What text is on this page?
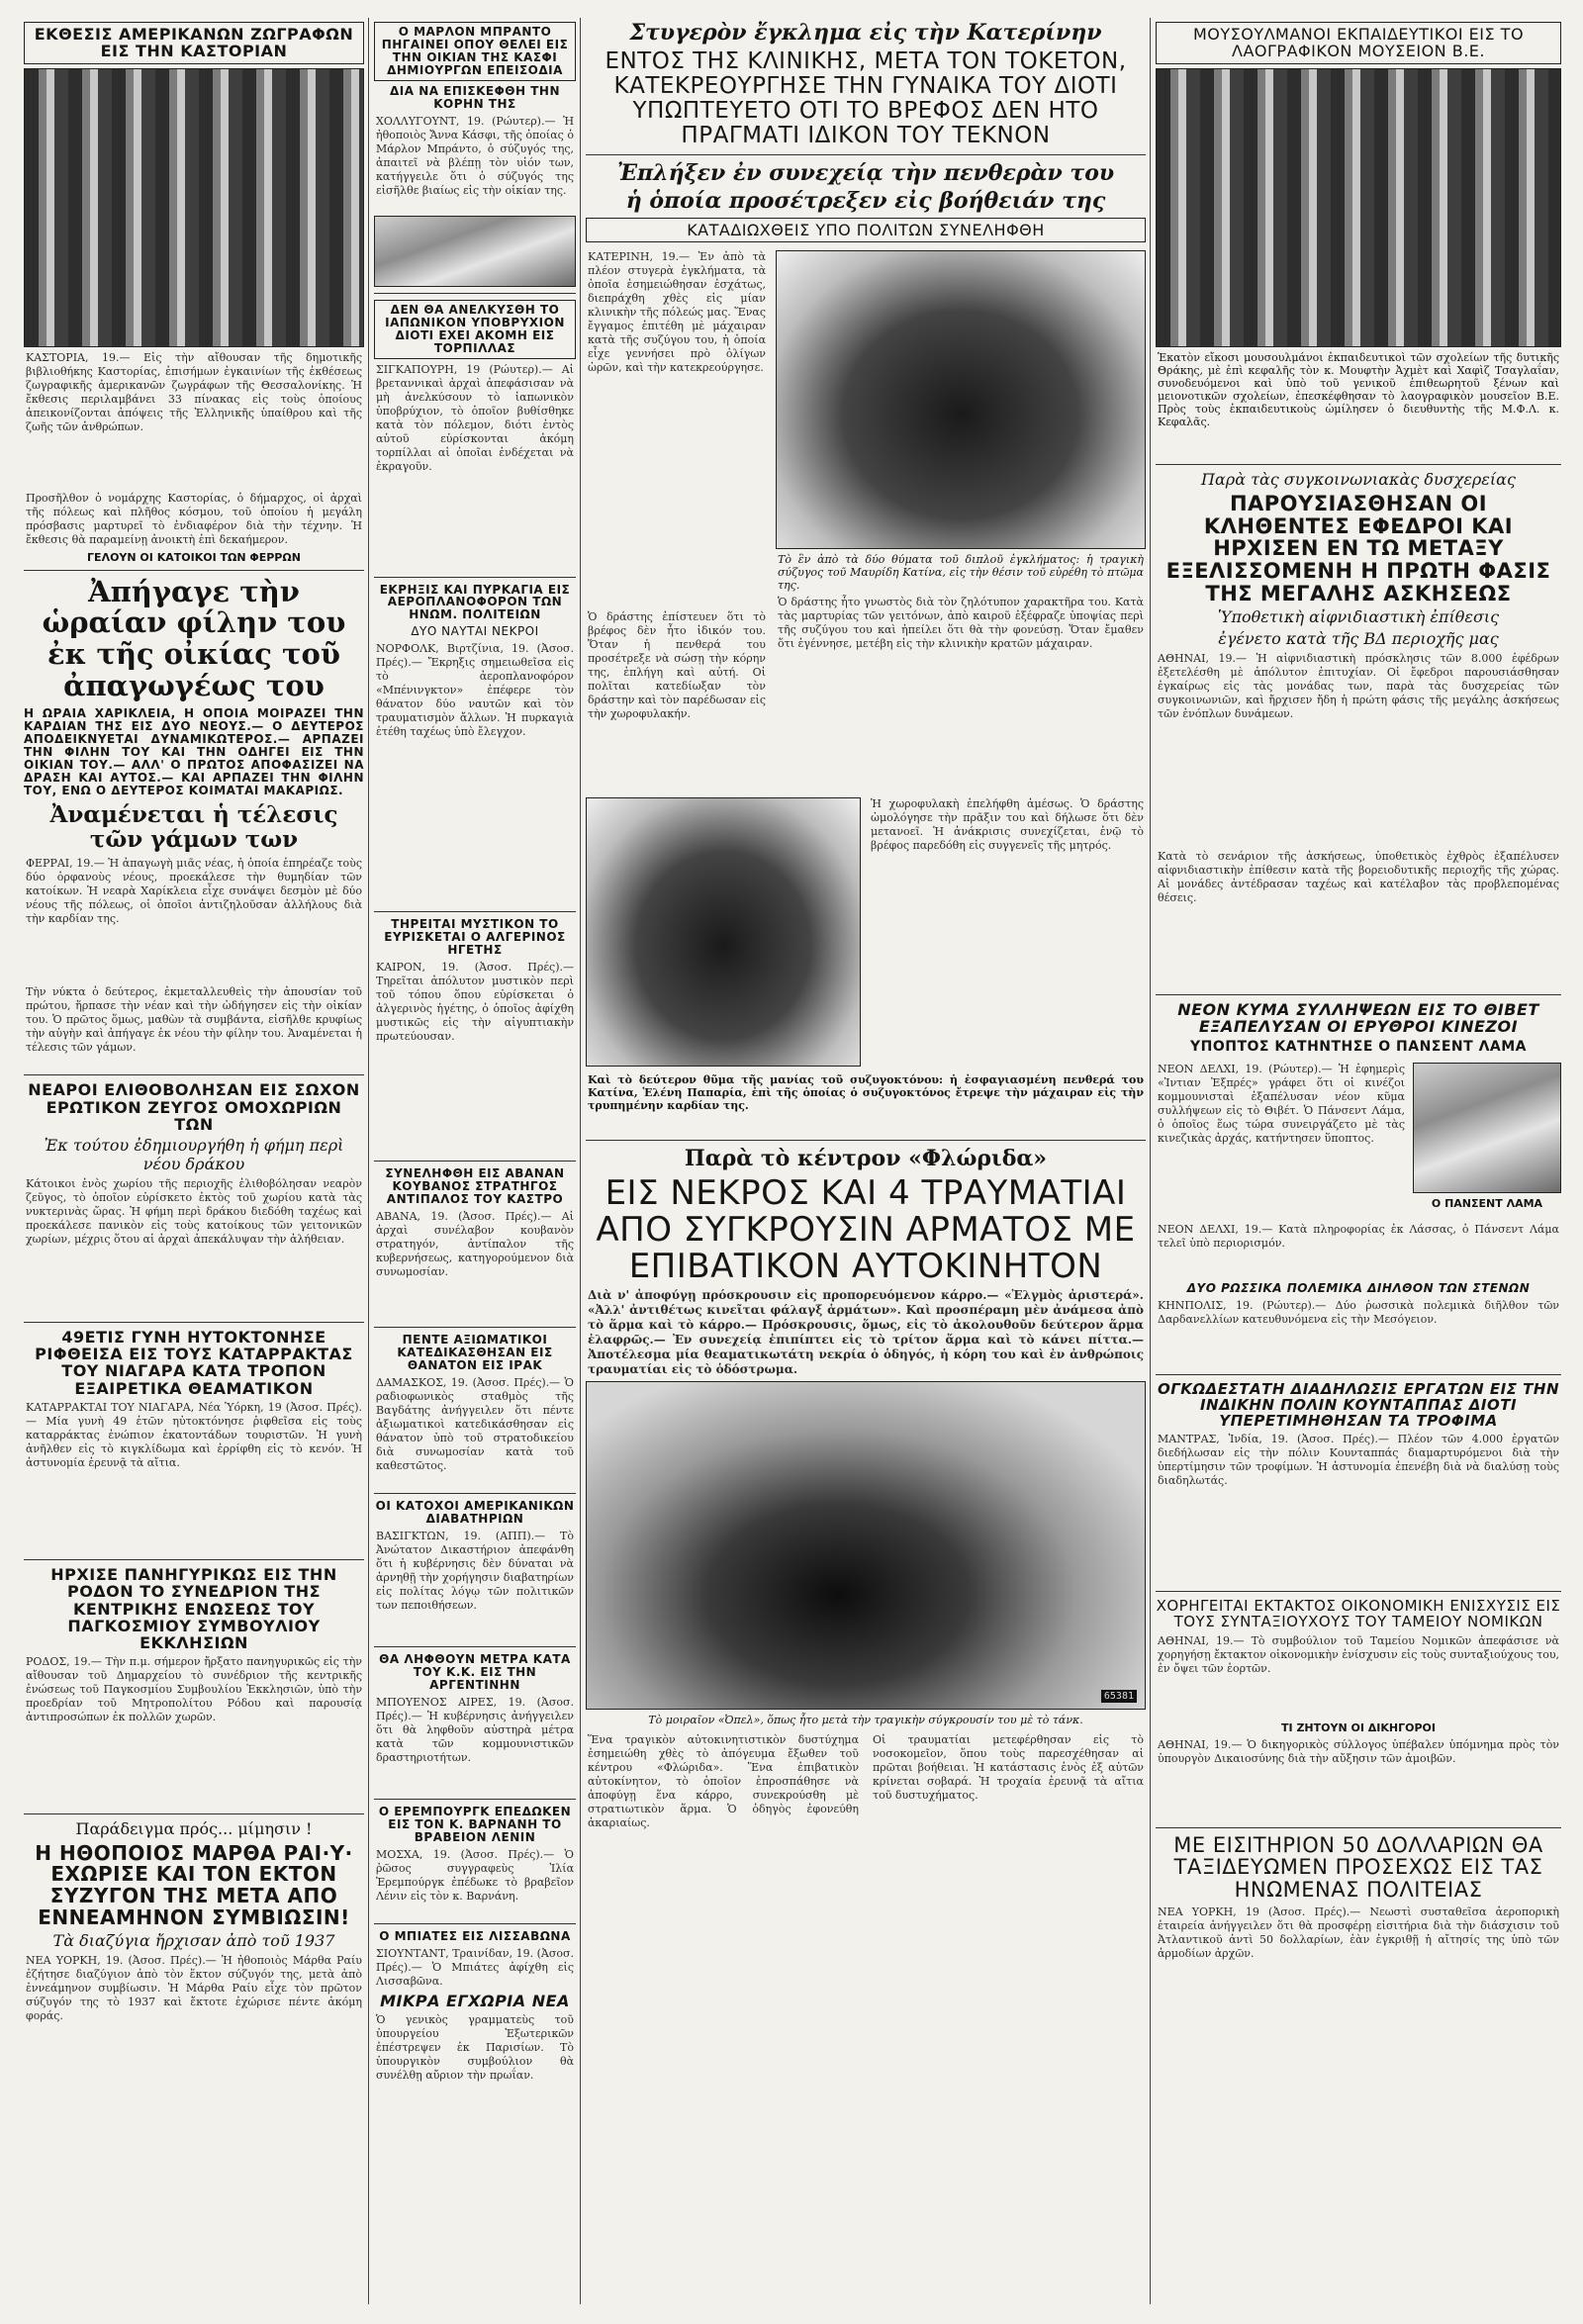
ΕΚΘΕΣΙΣ ΑΜΕΡΙΚΑΝΩΝ ΖΩΓΡΑΦΩΝ ΕΙΣ ΤΗΝ ΚΑΣΤΟΡΙΑΝ
ΚΑΣΤΟΡΙΑ, 19.— Εἰς τὴν αἴθουσαν τῆς δημοτικῆς βιβλιοθήκης Καστορίας, ἐπισήμων ἐγκαινίων τῆς ἐκθέσεως ζωγραφικῆς ἀμερικανῶν ζωγράφων τῆς Θεσσαλονίκης. Ἡ ἔκθεσις περιλαμβάνει 33 πίνακας εἰς τοὺς ὁποίους ἀπεικονίζονται ἀπόψεις τῆς Ἑλληνικῆς ὑπαίθρου καὶ τῆς ζωῆς τῶν ἀνθρώπων.
Προσῆλθον ὁ νομάρχης Καστορίας, ὁ δήμαρχος, οἱ ἀρχαὶ τῆς πόλεως καὶ πλῆθος κόσμου, τοῦ ὁποίου ἡ μεγάλη πρόσβασις μαρτυρεῖ τὸ ἐνδιαφέρον διὰ τὴν τέχνην. Ἡ ἔκθεσις θὰ παραμείνῃ ἀνοικτὴ ἐπὶ δεκαήμερον.
ΓΕΛΟΥΝ ΟΙ ΚΑΤΟΙΚΟΙ ΤΩΝ ΦΕΡΡΩΝ
Ἀπήγαγε τὴν ὡραίαν φίλην του ἐκ τῆς οἰκίας τοῦ ἀπαγωγέως του
Η ΩΡΑΙΑ ΧΑΡΙΚΛΕΙΑ, Η ΟΠΟΙΑ ΜΟΙΡΑΖΕΙ ΤΗΝ ΚΑΡΔΙΑΝ ΤΗΣ ΕΙΣ ΔΥΟ ΝΕΟΥΣ.— Ο ΔΕΥΤΕΡΟΣ ΑΠΟΔΕΙΚΝΥΕΤΑΙ ΔΥΝΑΜΙΚΩΤΕΡΟΣ.— ΑΡΠΑΖΕΙ ΤΗΝ ΦΙΛΗΝ ΤΟΥ ΚΑΙ ΤΗΝ ΟΔΗΓΕΙ ΕΙΣ ΤΗΝ ΟΙΚΙΑΝ ΤΟΥ.— ΑΛΛ' Ο ΠΡΩΤΟΣ ΑΠΟΦΑΣΙΖΕΙ ΝΑ ΔΡΑΣΗ ΚΑΙ ΑΥΤΟΣ.— ΚΑΙ ΑΡΠΑΖΕΙ ΤΗΝ ΦΙΛΗΝ ΤΟΥ, ΕΝΩ Ο ΔΕΥΤΕΡΟΣ ΚΟΙΜΑΤΑΙ ΜΑΚΑΡΙΩΣ.
Ἀναμένεται ἡ τέλεσις τῶν γάμων των
ΦΕΡΡΑΙ, 19.— Ἡ ἀπαγωγὴ μιᾶς νέας, ἡ ὁποία ἐπηρέαζε τοὺς δύο ὀρφανοὺς νέους, προεκάλεσε τὴν θυμηδίαν τῶν κατοίκων. Ἡ νεαρὰ Χαρίκλεια εἶχε συνάψει δεσμὸν μὲ δύο νέους τῆς πόλεως, οἱ ὁποῖοι ἀντιζηλοῦσαν ἀλλήλους διὰ τὴν καρδίαν της.
Τὴν νύκτα ὁ δεύτερος, ἐκμεταλλευθεὶς τὴν ἀπουσίαν τοῦ πρώτου, ἥρπασε τὴν νέαν καὶ τὴν ὡδήγησεν εἰς τὴν οἰκίαν του. Ὁ πρῶτος ὅμως, μαθὼν τὰ συμβάντα, εἰσῆλθε κρυφίως τὴν αὐγὴν καὶ ἀπήγαγε ἐκ νέου τὴν φίλην του. Ἀναμένεται ἡ τέλεσις τῶν γάμων.
ΝΕΑΡΟΙ ΕΛΙΘΟΒΟΛΗΣΑΝ ΕΙΣ ΣΩΧΟΝ ΕΡΩΤΙΚΟΝ ΖΕΥΓΟΣ ΟΜΟΧΩΡΙΩΝ ΤΩΝ
Ἐκ τούτου ἐδημιουργήθη ἡ φήμη περὶ νέου δράκου
Κάτοικοι ἑνὸς χωρίου τῆς περιοχῆς ἐλιθοβόλησαν νεαρὸν ζεῦγος, τὸ ὁποῖον εὑρίσκετο ἐκτὸς τοῦ χωρίου κατὰ τὰς νυκτερινὰς ὥρας. Ἡ φήμη περὶ δράκου διεδόθη ταχέως καὶ προεκάλεσε πανικὸν εἰς τοὺς κατοίκους τῶν γειτονικῶν χωρίων, μέχρις ὅτου αἱ ἀρχαὶ ἀπεκάλυψαν τὴν ἀλήθειαν.
49ΕΤΙΣ ΓΥΝΗ ΗΥΤΟΚΤΟΝΗΣΕ ΡΙΦΘΕΙΣΑ ΕΙΣ ΤΟΥΣ ΚΑΤΑΡΡΑΚΤΑΣ ΤΟΥ ΝΙΑΓΑΡΑ ΚΑΤΑ ΤΡΟΠΟΝ ΕΞΑΙΡΕΤΙΚΑ ΘΕΑΜΑΤΙΚΟΝ
ΚΑΤΑΡΡΑΚΤΑΙ ΤΟΥ ΝΙΑΓΑΡΑ, Νέα Ὑόρκη, 19 (Ἀσοσ. Πρές).— Μία γυνὴ 49 ἐτῶν ηὐτοκτόνησε ῥιφθεῖσα εἰς τοὺς καταρράκτας ἐνώπιον ἑκατοντάδων τουριστῶν. Ἡ γυνὴ ἀνῆλθεν εἰς τὸ κιγκλίδωμα καὶ ἐρρίφθη εἰς τὸ κενόν. Ἡ ἀστυνομία ἐρευνᾷ τὰ αἴτια.
ΗΡΧΙΣΕ ΠΑΝΗΓΥΡΙΚΩΣ ΕΙΣ ΤΗΝ ΡΟΔΟΝ ΤΟ ΣΥΝΕΔΡΙΟΝ ΤΗΣ ΚΕΝΤΡΙΚΗΣ ΕΝΩΣΕΩΣ ΤΟΥ ΠΑΓΚΟΣΜΙΟΥ ΣΥΜΒΟΥΛΙΟΥ ΕΚΚΛΗΣΙΩΝ
ΡΟΔΟΣ, 19.— Τὴν π.μ. σήμερον ἤρξατο πανηγυρικῶς εἰς τὴν αἴθουσαν τοῦ Δημαρχείου τὸ συνέδριον τῆς κεντρικῆς ἐνώσεως τοῦ Παγκοσμίου Συμβουλίου Ἐκκλησιῶν, ὑπὸ τὴν προεδρίαν τοῦ Μητροπολίτου Ρόδου καὶ παρουσίᾳ ἀντιπροσώπων ἐκ πολλῶν χωρῶν.
Παράδειγμα πρός... μίμησιν !
Η ΗΘΟΠΟΙΟΣ ΜΑΡΘΑ ΡΑΙ·Υ· ΕΧΩΡΙΣΕ ΚΑΙ ΤΟΝ ΕΚΤΟΝ ΣΥΖΥΓΟΝ ΤΗΣ ΜΕΤΑ ΑΠΟ ΕΝΝΕΑΜΗΝΟΝ ΣΥΜΒΙΩΣΙΝ!
Τὰ διαζύγια ἤρχισαν ἀπὸ τοῦ 1937
ΝΕΑ ΥΟΡΚΗ, 19. (Ἀσοσ. Πρές).— Ἡ ἠθοποιὸς Μάρθα Ραίυ ἐζήτησε διαζύγιον ἀπὸ τὸν ἕκτον σύζυγόν της, μετὰ ἀπὸ ἐννεάμηνον συμβίωσιν. Ἡ Μάρθα Ραίυ εἶχε τὸν πρῶτον σύζυγόν της τὸ 1937 καὶ ἔκτοτε ἐχώρισε πέντε ἀκόμη φοράς.
Ο ΜΑΡΛΟΝ ΜΠΡΑΝΤΟ ΠΗΓΑΙΝΕΙ ΟΠΟΥ ΘΕΛΕΙ ΕΙΣ ΤΗΝ ΟΙΚΙΑΝ ΤΗΣ ΚΑΣΦΙ ΔΗΜΙΟΥΡΓΩΝ ΕΠΕΙΣΟΔΙΑ
ΔΙΑ ΝΑ ΕΠΙΣΚΕΦΘΗ ΤΗΝ ΚΟΡΗΝ ΤΗΣ
ΧΟΛΛΥΓΟΥΝΤ, 19. (Ρώυτερ).— Ἡ ἠθοποιὸς Ἄννα Κάσφι, τῆς ὁποίας ὁ Μάρλον Μπράντο, ὁ σύζυγός της, ἀπαιτεῖ νὰ βλέπῃ τὸν υἱόν των, κατήγγειλε ὅτι ὁ σύζυγός της εἰσῆλθε βιαίως εἰς τὴν οἰκίαν της.
ΔΕΝ ΘΑ ΑΝΕΛΚΥΣΘΗ ΤΟ ΙΑΠΩΝΙΚΟΝ ΥΠΟΒΡΥΧΙΟΝ ΔΙΟΤΙ ΕΧΕΙ ΑΚΟΜΗ ΕΙΣ ΤΟΡΠΙΛΛΑΣ
ΣΙΓΚΑΠΟΥΡΗ, 19 (Ρώυτερ).— Αἱ βρεταννικαὶ ἀρχαὶ ἀπεφάσισαν νὰ μὴ ἀνελκύσουν τὸ ἰαπωνικὸν ὑποβρύχιον, τὸ ὁποῖον βυθίσθηκε κατὰ τὸν πόλεμον, διότι ἐντὸς αὐτοῦ εὑρίσκονται ἀκόμη τορπίλλαι αἱ ὁποῖαι ἐνδέχεται νὰ ἐκραγοῦν.
ΕΚΡΗΞΙΣ ΚΑΙ ΠΥΡΚΑΓΙΑ ΕΙΣ ΑΕΡΟΠΛΑΝΟΦΟΡΟΝ ΤΩΝ ΗΝΩΜ. ΠΟΛΙΤΕΙΩΝ
ΔΥΟ ΝΑΥΤΑΙ ΝΕΚΡΟΙ
ΝΟΡΦΟΛΚ, Βιρτζίνια, 19. (Ἀσοσ. Πρές).— Ἔκρηξις σημειωθεῖσα εἰς τὸ ἀεροπλανοφόρον «Μπένινγκτον» ἐπέφερε τὸν θάνατον δύο ναυτῶν καὶ τὸν τραυματισμὸν ἄλλων. Ἡ πυρκαγιὰ ἐτέθη ταχέως ὑπὸ ἔλεγχον.
ΤΗΡΕΙΤΑΙ ΜΥΣΤΙΚΟΝ ΤΟ ΕΥΡΙΣΚΕΤΑΙ Ο ΑΛΓΕΡΙΝΟΣ ΗΓΕΤΗΣ
ΚΑΙΡΟΝ, 19. (Ἀσοσ. Πρές).— Τηρεῖται ἀπόλυτον μυστικὸν περὶ τοῦ τόπου ὅπου εὑρίσκεται ὁ ἀλγερινὸς ἡγέτης, ὁ ὁποῖος ἀφίχθη μυστικῶς εἰς τὴν αἰγυπτιακὴν πρωτεύουσαν.
ΣΥΝΕΛΗΦΘΗ ΕΙΣ ΑΒΑΝΑΝ ΚΟΥΒΑΝΟΣ ΣΤΡΑΤΗΓΟΣ ΑΝΤΙΠΑΛΟΣ ΤΟΥ ΚΑΣΤΡΟ
ΑΒΑΝΑ, 19. (Ἀσοσ. Πρές).— Αἱ ἀρχαὶ συνέλαβον κουβανὸν στρατηγόν, ἀντίπαλον τῆς κυβερνήσεως, κατηγορούμενον διὰ συνωμοσίαν.
ΠΕΝΤΕ ΑΞΙΩΜΑΤΙΚΟΙ ΚΑΤΕΔΙΚΑΣΘΗΣΑΝ ΕΙΣ ΘΑΝΑΤΟΝ ΕΙΣ ΙΡΑΚ
ΔΑΜΑΣΚΟΣ, 19. (Ἀσοσ. Πρές).— Ὁ ραδιοφωνικὸς σταθμὸς τῆς Βαγδάτης ἀνήγγειλεν ὅτι πέντε ἀξιωματικοὶ κατεδικάσθησαν εἰς θάνατον ὑπὸ τοῦ στρατοδικείου διὰ συνωμοσίαν κατὰ τοῦ καθεστῶτος.
ΟΙ ΚΑΤΟΧΟΙ ΑΜΕΡΙΚΑΝΙΚΩΝ ΔΙΑΒΑΤΗΡΙΩΝ
ΒΑΣΙΓΚΤΩΝ, 19. (ΑΠΠ).— Τὸ Ἀνώτατον Δικαστήριον ἀπεφάνθη ὅτι ἡ κυβέρνησις δὲν δύναται νὰ ἀρνηθῇ τὴν χορήγησιν διαβατηρίων εἰς πολίτας λόγῳ τῶν πολιτικῶν των πεποιθήσεων.
ΘΑ ΛΗΦΘΟΥΝ ΜΕΤΡΑ ΚΑΤΑ ΤΟΥ Κ.Κ. ΕΙΣ ΤΗΝ ΑΡΓΕΝΤΙΝΗΝ
ΜΠΟΥΕΝΟΣ ΑΙΡΕΣ, 19. (Ἀσοσ. Πρές).— Ἡ κυβέρνησις ἀνήγγειλεν ὅτι θὰ ληφθοῦν αὐστηρὰ μέτρα κατὰ τῶν κομμουνιστικῶν δραστηριοτήτων.
Ο ΕΡΕΜΠΟΥΡΓΚ ΕΠΕΔΩΚΕΝ ΕΙΣ ΤΟΝ Κ. ΒΑΡΝΑΝΗ ΤΟ ΒΡΑΒΕΙΟΝ ΛΕΝΙΝ
ΜΟΣΧΑ, 19. (Ἀσοσ. Πρές).— Ὁ ῥῶσος συγγραφεὺς Ἰλία Ἐρεμπούργκ ἐπέδωκε τὸ βραβεῖον Λένιν εἰς τὸν κ. Βαρνάνη.
Ο ΜΠΙΑΤΕΣ ΕΙΣ ΛΙΣΣΑΒΩΝΑ
ΣΙΟΥΝΤΑΝΤ, Τραινίδαν, 19. (Ἀσοσ. Πρές).— Ὁ Μπιάτες ἀφίχθη εἰς Λισσαβῶνα.
ΜΙΚΡΑ ΕΓΧΩΡΙΑ ΝΕΑ
Ὁ γενικὸς γραμματεὺς τοῦ ὑπουργείου Ἐξωτερικῶν ἐπέστρεψεν ἐκ Παρισίων. Τὸ ὑπουργικὸν συμβούλιον θὰ συνέλθῃ αὔριον τὴν πρωΐαν.
Στυγερὸν ἔγκλημα εἰς τὴν Κατερίνην
ΕΝΤΟΣ ΤΗΣ ΚΛΙΝΙΚΗΣ, ΜΕΤΑ ΤΟΝ ΤΟΚΕΤΟΝ, ΚΑΤΕΚΡΕΟΥΡΓΗΣΕ ΤΗΝ ΓΥΝΑΙΚΑ ΤΟΥ ΔΙΟΤΙ ΥΠΩΠΤΕΥΕΤΟ ΟΤΙ ΤΟ ΒΡΕΦΟΣ ΔΕΝ ΗΤΟ ΠΡΑΓΜΑΤΙ ΙΔΙΚΟΝ ΤΟΥ ΤΕΚΝΟΝ
Ἐπλήξεν ἐν συνεχείᾳ τὴν πενθερὰν του
ἡ ὁποία προσέτρεξεν εἰς βοήθειάν της
ΚΑΤΑΔΙΩΧΘΕΙΣ ΥΠΟ ΠΟΛΙΤΩΝ ΣΥΝΕΛΗΦΘΗ
ΚΑΤΕΡΙΝΗ, 19.— Ἐν ἀπὸ τὰ πλέον στυγερὰ ἐγκλήματα, τὰ ὁποῖα ἐσημειώθησαν ἐσχάτως, διεπράχθη χθὲς εἰς μίαν κλινικὴν τῆς πόλεώς μας. Ἕνας ἔγγαμος ἐπιτέθη μὲ μάχαιραν κατὰ τῆς συζύγου του, ἡ ὁποία εἶχε γεννήσει πρὸ ὀλίγων ὡρῶν, καὶ τὴν κατεκρεούργησε.
Ὁ δράστης ἐπίστευεν ὅτι τὸ βρέφος δὲν ἦτο ἰδικόν του. Ὅταν ἡ πενθερά του προσέτρεξε νὰ σώσῃ τὴν κόρην της, ἐπλήγη καὶ αὐτή. Οἱ πολῖται κατεδίωξαν τὸν δράστην καὶ τὸν παρέδωσαν εἰς τὴν χωροφυλακήν.
Τὸ ἓν ἀπὸ τὰ δύο θύματα τοῦ διπλοῦ ἐγκλήματος: ἡ τραγικὴ σύζυγος τοῦ Μαυρίδη Κατίνα, εἰς τὴν θέσιν τοῦ εὑρέθη τὸ πτῶμα της.
Ὁ δράστης ἦτο γνωστὸς διὰ τὸν ζηλότυπον χαρακτῆρα του. Κατὰ τὰς μαρτυρίας τῶν γειτόνων, ἀπὸ καιροῦ ἐξέφραζε ὑποψίας περὶ τῆς συζύγου του καὶ ἠπείλει ὅτι θὰ τὴν φονεύσῃ. Ὅταν ἔμαθεν ὅτι ἐγέννησε, μετέβη εἰς τὴν κλινικὴν κρατῶν μάχαιραν.
Ἡ χωροφυλακὴ ἐπελήφθη ἀμέσως. Ὁ δράστης ὡμολόγησε τὴν πρᾶξιν του καὶ δήλωσε ὅτι δὲν μετανοεῖ. Ἡ ἀνάκρισις συνεχίζεται, ἐνῷ τὸ βρέφος παρεδόθη εἰς συγγενεῖς τῆς μητρός.
Καὶ τὸ δεύτερον θῦμα τῆς μανίας τοῦ συζυγοκτόνου: ἡ ἐσφαγιασμένη πενθερά του Κατίνα, Ἑλένη Παπαρία, ἐπὶ τῆς ὁποίας ὁ συζυγοκτόνος ἔτρεψε τὴν μάχαιραν εἰς τὴν τρυπημένην καρδίαν της.
Παρὰ τὸ κέντρον «Φλώριδα»
ΕΙΣ ΝΕΚΡΟΣ ΚΑΙ 4 ΤΡΑΥΜΑΤΙΑΙ ΑΠΟ ΣΥΓΚΡΟΥΣΙΝ ΑΡΜΑΤΟΣ ΜΕ ΕΠΙΒΑΤΙΚΟΝ ΑΥΤΟΚΙΝΗΤΟΝ
Διὰ ν' ἀποφύγῃ πρόσκρουσιν εἰς προπορευόμενον κάρρο.— «Ἐλγμὸς ἀριστερά». «Ἀλλ' ἀντιθέτως κινεῖται φάλαγξ ἁρμάτων». Καὶ προσπέραμη μὲν ἀνάμεσα ἀπὸ τὸ ἅρμα καὶ τὸ κάρρο.— Πρόσκρουσις, ὅμως, εἰς τὸ ἀκολουθοῦν δεύτερον ἅρμα ἐλαφρῶς.— Ἐν συνεχείᾳ ἐπιπίπτει εἰς τὸ τρίτον ἅρμα καὶ τὸ κάνει πίττα.— Ἀποτέλεσμα μία θεαματικωτάτη νεκρία ὁ ὁδηγός, ἡ κόρη του καὶ ἐν ἀνθρώποις τραυματίαι εἰς τὸ ὁδόστρωμα.
65381
Τὸ μοιραῖον «Ὀπελ», ὅπως ἦτο μετὰ τὴν τραγικὴν σύγκρουσίν του μὲ τὸ τάνκ.
Ἕνα τραγικὸν αὐτοκινητιστικὸν δυστύχημα ἐσημειώθη χθὲς τὸ ἀπόγευμα ἔξωθεν τοῦ κέντρου «Φλώριδα». Ἕνα ἐπιβατικὸν αὐτοκίνητον, τὸ ὁποῖον ἐπροσπάθησε νὰ ἀποφύγῃ ἕνα κάρρο, συνεκρούσθη μὲ στρατιωτικὸν ἅρμα. Ὁ ὁδηγὸς ἐφονεύθη ἀκαριαίως.
Οἱ τραυματίαι μετεφέρθησαν εἰς τὸ νοσοκομεῖον, ὅπου τοὺς παρεσχέθησαν αἱ πρῶται βοήθειαι. Ἡ κατάστασις ἑνὸς ἐξ αὐτῶν κρίνεται σοβαρά. Ἡ τροχαία ἐρευνᾷ τὰ αἴτια τοῦ δυστυχήματος.
ΜΟΥΣΟΥΛΜΑΝΟΙ ΕΚΠΑΙΔΕΥΤΙΚΟΙ ΕΙΣ ΤΟ ΛΑΟΓΡΑΦΙΚΟΝ ΜΟΥΣΕΙΟΝ Β.Ε.
Ἑκατὸν εἴκοσι μουσουλμάνοι ἐκπαιδευτικοὶ τῶν σχολείων τῆς δυτικῆς Θράκης, μὲ ἐπὶ κεφαλῆς τὸν κ. Μουφτὴν Ἀχμὲτ καὶ Χαφὶζ Τσαγλαΐαν, συνοδευόμενοι καὶ ὑπὸ τοῦ γενικοῦ ἐπιθεωρητοῦ ξένων καὶ μειονοτικῶν σχολείων, ἐπεσκέφθησαν τὸ λαογραφικὸν μουσεῖον Β.Ε. Πρὸς τοὺς ἐκπαιδευτικοὺς ὡμίλησεν ὁ διευθυντὴς τῆς Μ.Φ.Λ. κ. Κεφαλᾶς.
Παρὰ τὰς συγκοινωνιακὰς δυσχερείας
ΠΑΡΟΥΣΙΑΣΘΗΣΑΝ ΟΙ ΚΛΗΘΕΝΤΕΣ ΕΦΕΔΡΟΙ ΚΑΙ ΗΡΧΙΣΕΝ ΕΝ ΤΩ ΜΕΤΑΞΥ ΕΞΕΛΙΣΣΟΜΕΝΗ Η ΠΡΩΤΗ ΦΑΣΙΣ ΤΗΣ ΜΕΓΑΛΗΣ ΑΣΚΗΣΕΩΣ
Ὑποθετικὴ αἰφνιδιαστικὴ ἐπίθεσις
ἐγένετο κατὰ τῆς ΒΔ περιοχῆς μας
ΑΘΗΝΑΙ, 19.— Ἡ αἰφνιδιαστικὴ πρόσκλησις τῶν 8.000 ἐφέδρων ἐξετελέσθη μὲ ἀπόλυτον ἐπιτυχίαν. Οἱ ἔφεδροι παρουσιάσθησαν ἐγκαίρως εἰς τὰς μονάδας των, παρὰ τὰς δυσχερείας τῶν συγκοινωνιῶν, καὶ ἤρχισεν ἤδη ἡ πρώτη φάσις τῆς μεγάλης ἀσκήσεως τῶν ἐνόπλων δυνάμεων.
Κατὰ τὸ σενάριον τῆς ἀσκήσεως, ὑποθετικὸς ἐχθρὸς ἐξαπέλυσεν αἰφνιδιαστικὴν ἐπίθεσιν κατὰ τῆς βορειοδυτικῆς περιοχῆς τῆς χώρας. Αἱ μονάδες ἀντέδρασαν ταχέως καὶ κατέλαβον τὰς προβλεπομένας θέσεις.
ΝΕΟΝ ΚΥΜΑ ΣΥΛΛΗΨΕΩΝ ΕΙΣ ΤΟ ΘΙΒΕΤ ΕΞΑΠΕΛΥΣΑΝ ΟΙ ΕΡΥΘΡΟΙ ΚΙΝΕΖΟΙ
ΥΠΟΠΤΟΣ ΚΑΤΗΝΤΗΣΕ Ο ΠΑΝΣΕΝΤ ΛΑΜΑ
ΝΕΟΝ ΔΕΛΧΙ, 19. (Ρώυτερ).— Ἡ ἐφημερὶς «Ἰντιαν Ἐξπρές» γράφει ὅτι οἱ κινέζοι κομμουνισταὶ ἐξαπέλυσαν νέον κῦμα συλλήψεων εἰς τὸ Θιβέτ. Ὁ Πάνσεντ Λάμα, ὁ ὁποῖος ἕως τώρα συνειργάζετο μὲ τὰς κινεζικὰς ἀρχάς, κατήντησεν ὕποπτος.
Ο ΠΑΝΣΕΝΤ ΛΑΜΑ
ΝΕΟΝ ΔΕΛΧΙ, 19.— Κατὰ πληροφορίας ἐκ Λάσσας, ὁ Πάνσεντ Λάμα τελεῖ ὑπὸ περιορισμόν.
ΔΥΟ ΡΩΣΣΙΚΑ ΠΟΛΕΜΙΚΑ ΔΙΗΛΘΟΝ ΤΩΝ ΣΤΕΝΩΝ
ΚΗΝΠΟΛΙΣ, 19. (Ρώυτερ).— Δύο ῥωσσικὰ πολεμικὰ διῆλθον τῶν Δαρδανελλίων κατευθυνόμενα εἰς τὴν Μεσόγειον.
ΟΓΚΩΔΕΣΤΑΤΗ ΔΙΑΔΗΛΩΣΙΣ ΕΡΓΑΤΩΝ ΕΙΣ ΤΗΝ ΙΝΔΙΚΗΝ ΠΟΛΙΝ ΚΟΥΝΤΑΠΠΑΣ ΔΙΟΤΙ ΥΠΕΡΕΤΙΜΗΘΗΣΑΝ ΤΑ ΤΡΟΦΙΜΑ
ΜΑΝΤΡΑΣ, Ἰνδία, 19. (Ἀσοσ. Πρές).— Πλέον τῶν 4.000 ἐργατῶν διεδήλωσαν εἰς τὴν πόλιν Κουνταππάς διαμαρτυρόμενοι διὰ τὴν ὑπερτίμησιν τῶν τροφίμων. Ἡ ἀστυνομία ἐπενέβη διὰ νὰ διαλύσῃ τοὺς διαδηλωτάς.
ΧΟΡΗΓΕΙΤΑΙ ΕΚΤΑΚΤΟΣ ΟΙΚΟΝΟΜΙΚΗ ΕΝΙΣΧΥΣΙΣ ΕΙΣ ΤΟΥΣ ΣΥΝΤΑΞΙΟΥΧΟΥΣ ΤΟΥ ΤΑΜΕΙΟΥ ΝΟΜΙΚΩΝ
ΑΘΗΝΑΙ, 19.— Τὸ συμβούλιον τοῦ Ταμείου Νομικῶν ἀπεφάσισε νὰ χορηγήσῃ ἔκτακτον οἰκονομικὴν ἐνίσχυσιν εἰς τοὺς συνταξιούχους του, ἐν ὄψει τῶν ἑορτῶν.
ΤΙ ΖΗΤΟΥΝ ΟΙ ΔΙΚΗΓΟΡΟΙ
ΑΘΗΝΑΙ, 19.— Ὁ δικηγορικὸς σύλλογος ὑπέβαλεν ὑπόμνημα πρὸς τὸν ὑπουργὸν Δικαιοσύνης διὰ τὴν αὔξησιν τῶν ἀμοιβῶν.
ΜΕ ΕΙΣΙΤΗΡΙΟΝ 50 ΔΟΛΛΑΡΙΩΝ ΘΑ ΤΑΞΙΔΕΥΩΜΕΝ ΠΡΟΣΕΧΩΣ ΕΙΣ ΤΑΣ ΗΝΩΜΕΝΑΣ ΠΟΛΙΤΕΙΑΣ
ΝΕΑ ΥΟΡΚΗ, 19 (Ἀσοσ. Πρές).— Νεωστὶ συσταθεῖσα ἀεροπορικὴ ἑταιρεία ἀνήγγειλεν ὅτι θὰ προσφέρῃ εἰσιτήρια διὰ τὴν διάσχισιν τοῦ Ἀτλαντικοῦ ἀντὶ 50 δολλαρίων, ἐὰν ἐγκριθῇ ἡ αἴτησίς της ὑπὸ τῶν ἀρμοδίων ἀρχῶν.
